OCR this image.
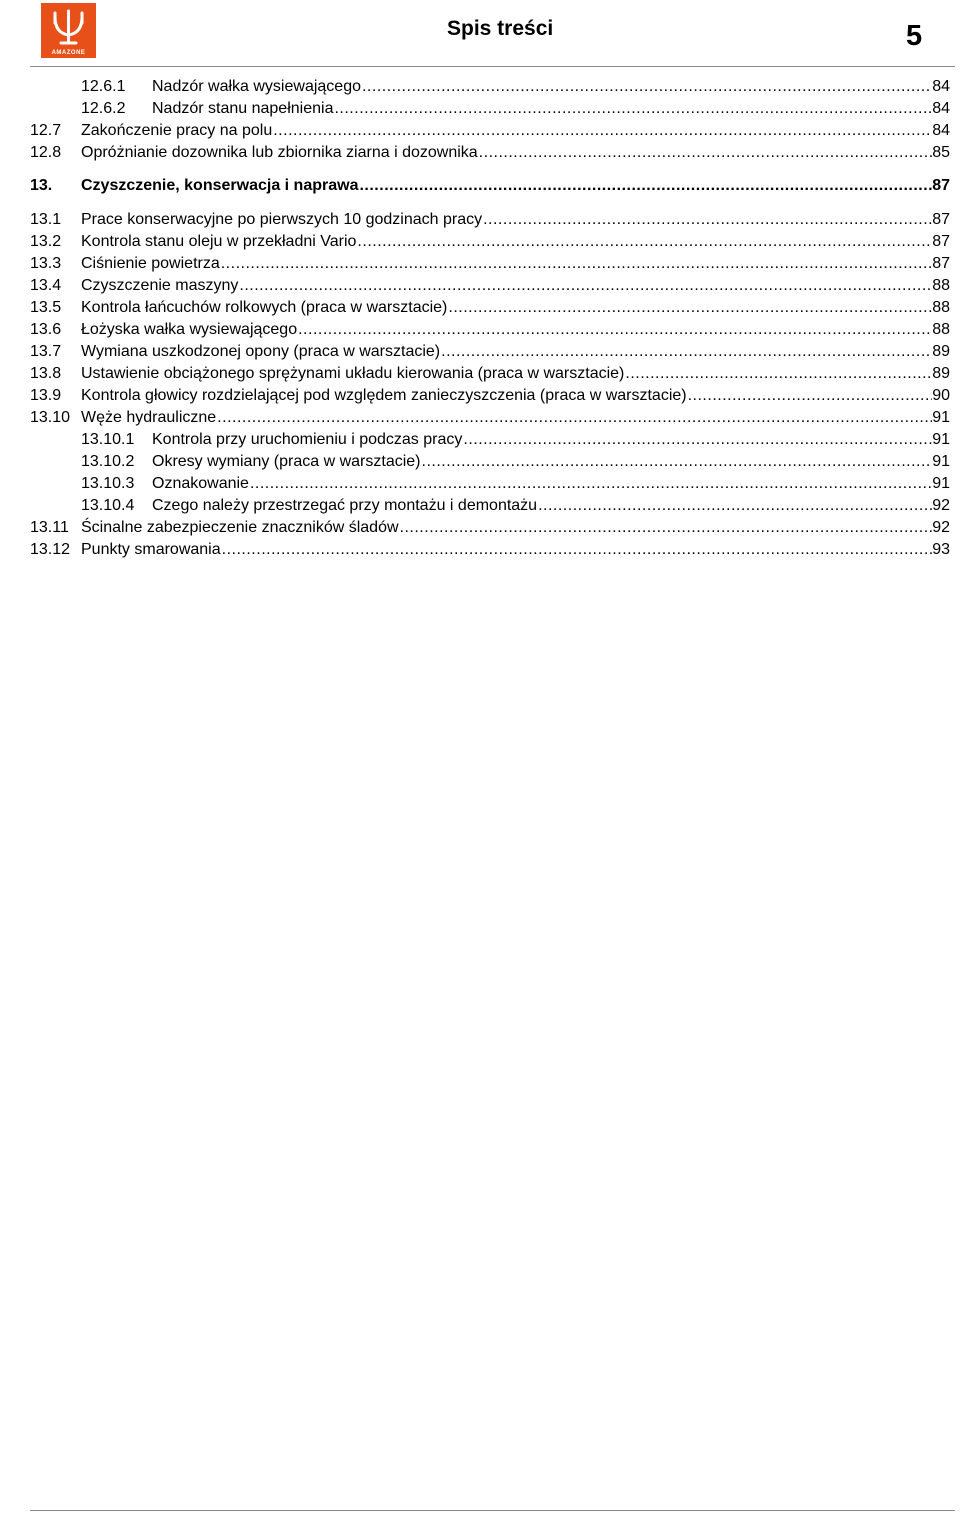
AMAZONE
Spis treści	5
12.6.1	Nadzór wałka wysiewającego .....	84
12.6.2	Nadzór stanu napełnienia .....	84
12.7	Zakończenie pracy na polu .....	84
12.8	Opróżnianie dozownika lub zbiornika ziarna i dozownika .....	85
13.	Czyszczenie, konserwacja i naprawa .....	87
13.1	Prace konserwacyjne po pierwszych 10 godzinach pracy .....	87
13.2	Kontrola stanu oleju w przekładni Vario .....	87
13.3	Ciśnienie powietrza .....	87
13.4	Czyszczenie maszyny .....	88
13.5	Kontrola łańcuchów rolkowych (praca w warsztacie) .....	88
13.6	Łożyska wałka wysiewającego .....	88
13.7	Wymiana uszkodzonej opony (praca w warsztacie) .....	89
13.8	Ustawienie obciążonego sprężynami układu kierowania (praca w warsztacie) .....	89
13.9	Kontrola głowicy rozdzielającej pod względem zanieczyszczenia (praca w warsztacie) .....	90
13.10 Węże hydrauliczne .....	91
13.10.1	Kontrola przy uruchomieniu i podczas pracy .....	91
13.10.2	Okresy wymiany (praca w warsztacie) .....	91
13.10.3	Oznakowanie .....	91
13.10.4	Czego należy przestrzegać przy montażu i demontażu .....	92
13.11 Ścinalne zabezpieczenie znaczników śladów .....	92
13.12 Punkty smarowania .....	93
